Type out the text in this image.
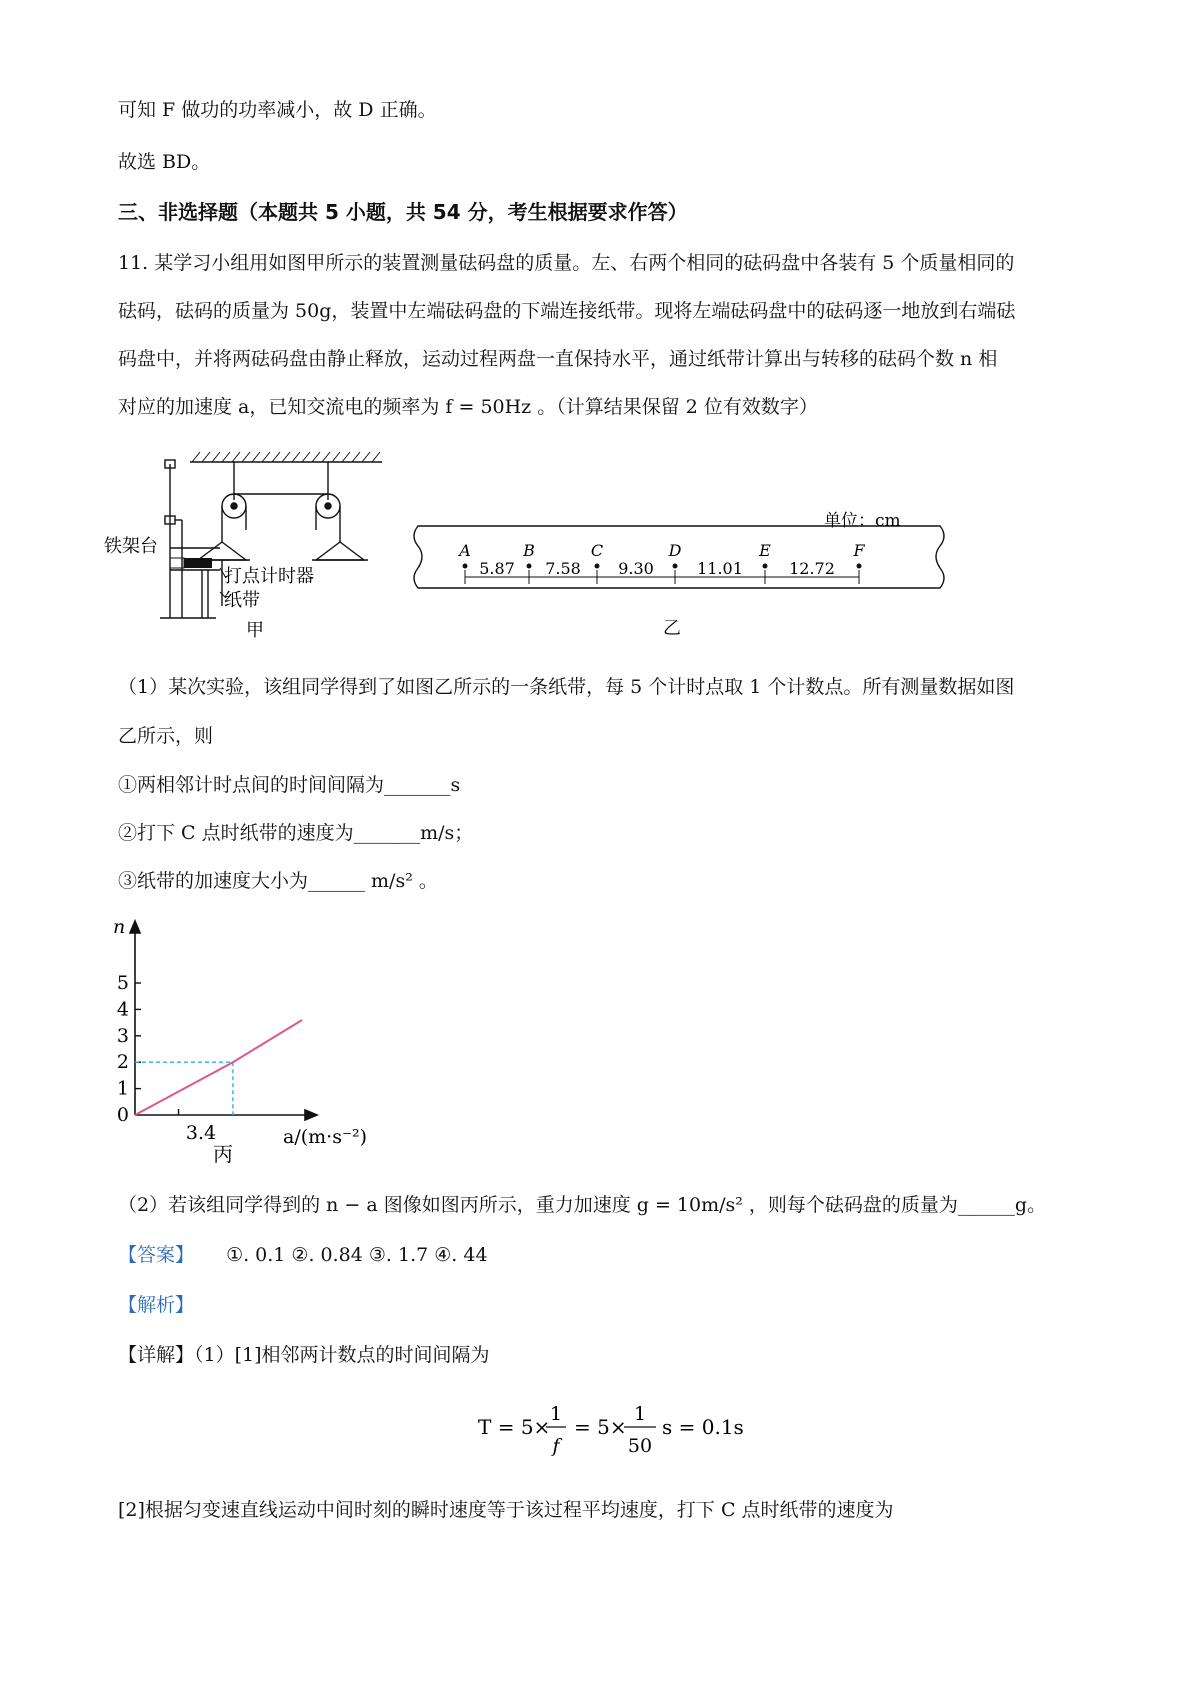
可知 F 做功的功率减小，故 D 正确。
故选 BD。
三、非选择题（本题共 5 小题，共 54 分，考生根据要求作答）
11. 某学习小组用如图甲所示的装置测量砝码盘的质量。左、右两个相同的砝码盘中各装有 5 个质量相同的
砝码，砝码的质量为 50g，装置中左端砝码盘的下端连接纸带。现将左端砝码盘中的砝码逐一地放到右端砝
码盘中，并将两砝码盘由静止释放，运动过程两盘一直保持水平，通过纸带计算出与转移的砝码个数 n 相
对应的加速度 a，已知交流电的频率为 f = 50Hz 。（计算结果保留 2 位有效数字）
铁架台
打点计时器
纸带
甲
单位：cm
A	B	C	D	E	F
5.87 7.58 9.30	11.01	12.72
乙
（1）某次实验，该组同学得到了如图乙所示的一条纸带，每 5 个计时点取 1 个计数点。所有测量数据如图
乙所示，则
①两相邻计时点间的时间间隔为_______s
②打下 C 点时纸带的速度为_______m/s；
③纸带的加速度大小为______ m/s² 。
n
a/(m·s⁻²)
3.4
丙
0
1
2
3
4
5
（2）若该组同学得到的 n − a 图像如图丙所示，重力加速度 g = 10m/s² ，则每个砝码盘的质量为______g。
【答案】 ①. 0.1 ②. 0.84 ③. 1.7 ④. 44
【解析】
【详解】（1）[1]相邻两计数点的时间间隔为
T = 5×
1
f
= 5×
1
50
s = 0.1s
[2]根据匀变速直线运动中间时刻的瞬时速度等于该过程平均速度，打下 C 点时纸带的速度为
